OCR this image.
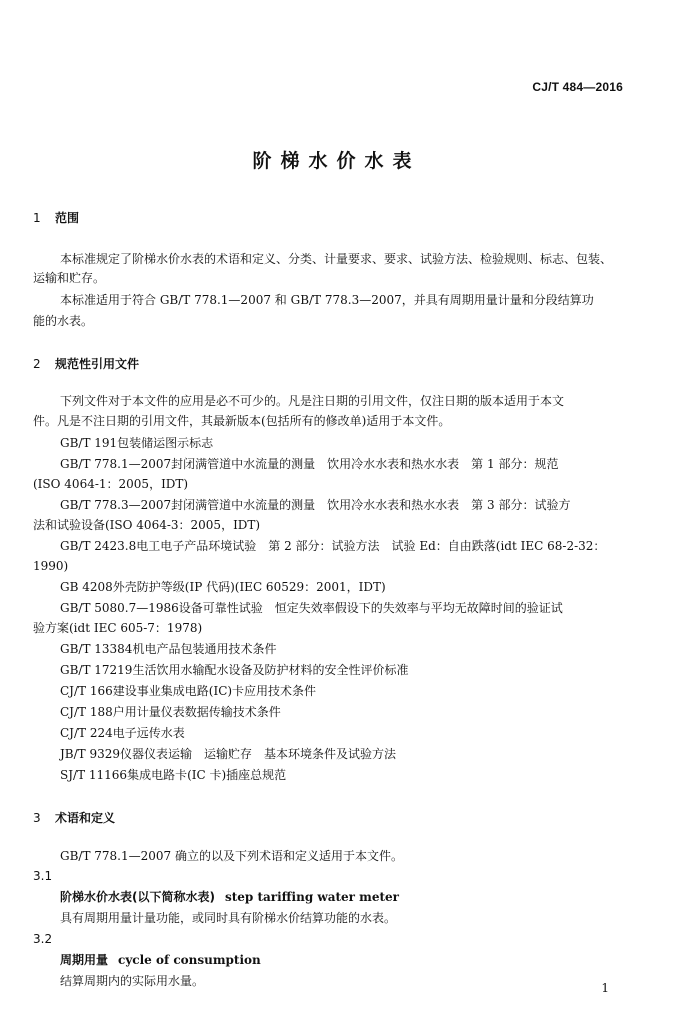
CJ/T 484—2016
阶梯水价水表
1 范围
本标准规定了阶梯水价水表的术语和定义、分类、计量要求、要求、试验方法、检验规则、标志、包装、
运输和贮存。
本标准适用于符合 GB/T 778.1—2007 和 GB/T 778.3—2007，并具有周期用量计量和分段结算功
能的水表。
2 规范性引用文件
下列文件对于本文件的应用是必不可少的。凡是注日期的引用文件，仅注日期的版本适用于本文
件。凡是不注日期的引用文件，其最新版本(包括所有的修改单)适用于本文件。
GB/T 191包装储运图示标志
GB/T 778.1—2007封闭满管道中水流量的测量　饮用冷水水表和热水水表　第 1 部分：规范
(ISO 4064-1：2005，IDT)
GB/T 778.3—2007封闭满管道中水流量的测量　饮用冷水水表和热水水表　第 3 部分：试验方
法和试验设备(ISO 4064-3：2005，IDT)
GB/T 2423.8电工电子产品环境试验　第 2 部分：试验方法　试验 Ed：自由跌落(idt IEC 68-2-32：
1990)
GB 4208外壳防护等级(IP 代码)(IEC 60529：2001，IDT)
GB/T 5080.7—1986设备可靠性试验　恒定失效率假设下的失效率与平均无故障时间的验证试
验方案(idt IEC 605-7：1978)
GB/T 13384机电产品包装通用技术条件
GB/T 17219生活饮用水输配水设备及防护材料的安全性评价标准
CJ/T 166建设事业集成电路(IC)卡应用技术条件
CJ/T 188户用计量仪表数据传输技术条件
CJ/T 224电子远传水表
JB/T 9329仪器仪表运输　运输贮存　基本环境条件及试验方法
SJ/T 11166集成电路卡(IC 卡)插座总规范
3 术语和定义
GB/T 778.1—2007 确立的以及下列术语和定义适用于本文件。
3.1
阶梯水价水表(以下简称水表) step tariffing water meter
具有周期用量计量功能，或同时具有阶梯水价结算功能的水表。
3.2
周期用量 cycle of consumption
结算周期内的实际用水量。	1
